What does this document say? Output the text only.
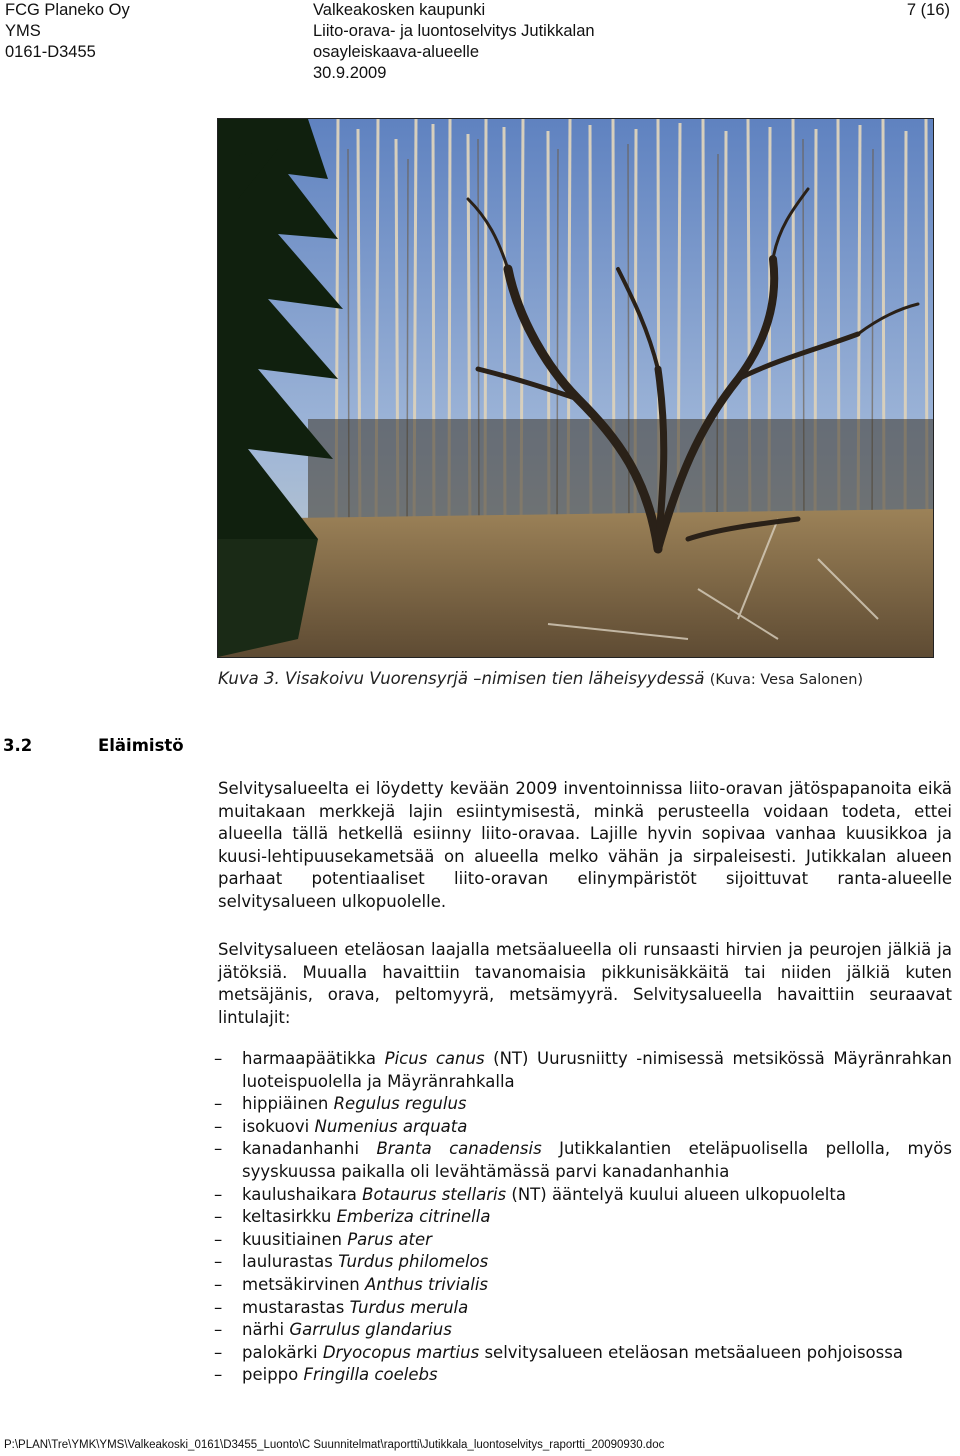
FCG Planeko Oy
YMS
0161-D3455
Valkeakosken kaupunki
Liito-orava- ja luontoselvitys Jutikkalan
osayleiskaava-alueelle
30.9.2009
7 (16)
Kuva 3. Visakoivu Vuorensyrjä –nimisen tien läheisyydessä (Kuva: Vesa Salonen)
3.2	Eläimistö

Selvitysalueelta ei löydetty kevään 2009 inventoinnissa liito-oravan jätöspapanoita eikä muitakaan merkkejä lajin esiintymisestä, minkä perusteella voidaan todeta, ettei alueella tällä hetkellä esiinny liito-oravaa. Lajille hyvin sopivaa vanhaa kuusikkoa ja kuusi-lehtipuusekametsää on alueella melko vähän ja sirpaleisesti. Jutikkalan alueen parhaat potentiaaliset liito-oravan elinympäristöt sijoittuvat ranta-alueelle selvitysalueen ulkopuolelle.

Selvitysalueen eteläosan laajalla metsäalueella oli runsaasti hirvien ja peurojen jälkiä ja jätöksiä. Muualla havaittiin tavanomaisia pikkunisäkkäitä tai niiden jälkiä kuten metsäjänis, orava, peltomyyrä, metsämyyrä. Selvitysalueella havaittiin seuraavat lintulajit:

– harmaapäätikka Picus canus (NT) Uurusniitty -nimisessä metsikössä Mäyränrahkan luoteispuolella ja Mäyränrahkalla
– hippiäinen Regulus regulus
– isokuovi Numenius arquata
– kanadanhanhi Branta canadensis Jutikkalantien eteläpuolisella pellolla, myös syyskuussa paikalla oli levähtämässä parvi kanadanhanhia
– kaulushaikara Botaurus stellaris (NT) ääntelyä kuului alueen ulkopuolelta
– keltasirkku Emberiza citrinella
– kuusitiainen Parus ater
– laulurastas Turdus philomelos
– metsäkirvinen Anthus trivialis
– mustarastas Turdus merula
– närhi Garrulus glandarius
– palokärki Dryocopus martius selvitysalueen eteläosan metsäalueen pohjoisossa
– peippo Fringilla coelebs
P:\PLAN\Tre\YMK\YMS\Valkeakoski_0161\D3455_Luonto\C Suunnitelmat\raportti\Jutikkala_luontoselvitys_raportti_20090930.doc
